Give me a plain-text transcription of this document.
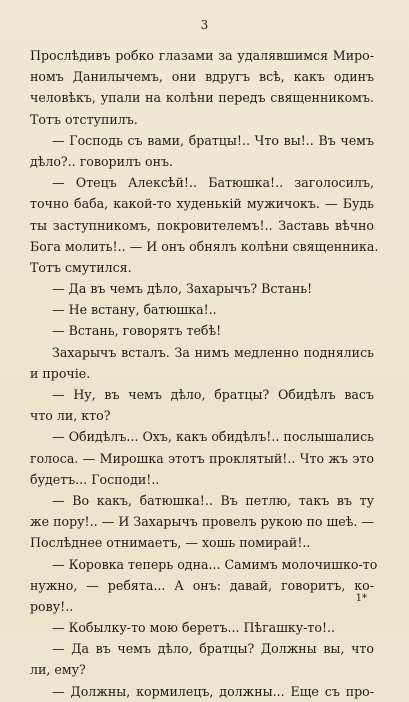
3
Прослѣдивъ робко глазами за удалявшимся Миро-
номъ Данилычемъ, они вдругъ всѣ, какъ одинъ
человѣкъ, упали на колѣни передъ священникомъ.
Тотъ отступилъ.
— Господь съ вами, братцы!.. Что вы!.. Въ чемъ
дѣло?.. говорилъ онъ.
— Отецъ Алексѣй!.. Батюшка!.. заголосилъ,
точно баба, какой-то худенькій мужичокъ. — Будь
ты заступникомъ, покровителемъ!.. Заставь вѣчно
Бога молить!.. — И онъ обнялъ колѣни священника.
Тотъ смутился.
— Да въ чемъ дѣло, Захарычъ? Встань!
— Не встану, батюшка!..
— Встань, говорятъ тебѣ!
Захарычъ всталъ. За нимъ медленно поднялись
и прочіе.
— Ну, въ чемъ дѣло, братцы? Обидѣлъ васъ
что ли, кто?
— Обидѣлъ... Охъ, какъ обидѣлъ!.. послышались
голоса. — Мирошка этотъ проклятый!.. Что жъ это
будетъ... Господи!..
— Во какъ, батюшка!.. Въ петлю, такъ въ ту
же пору!.. — И Захарычъ провелъ рукою по шеѣ. —
Послѣднее отнимаетъ, — хошь помирай!..
— Коровка теперь одна... Самимъ молочишко-то
нужно, — ребята... А онъ: давай, говоритъ, ко-
рову!..
— Кобылку-то мою беретъ... Пѣгашку-то!..
— Да въ чемъ дѣло, братцы? Должны вы, что
ли, ему?
— Должны, кормилецъ, должны... Еще съ про-
1*
